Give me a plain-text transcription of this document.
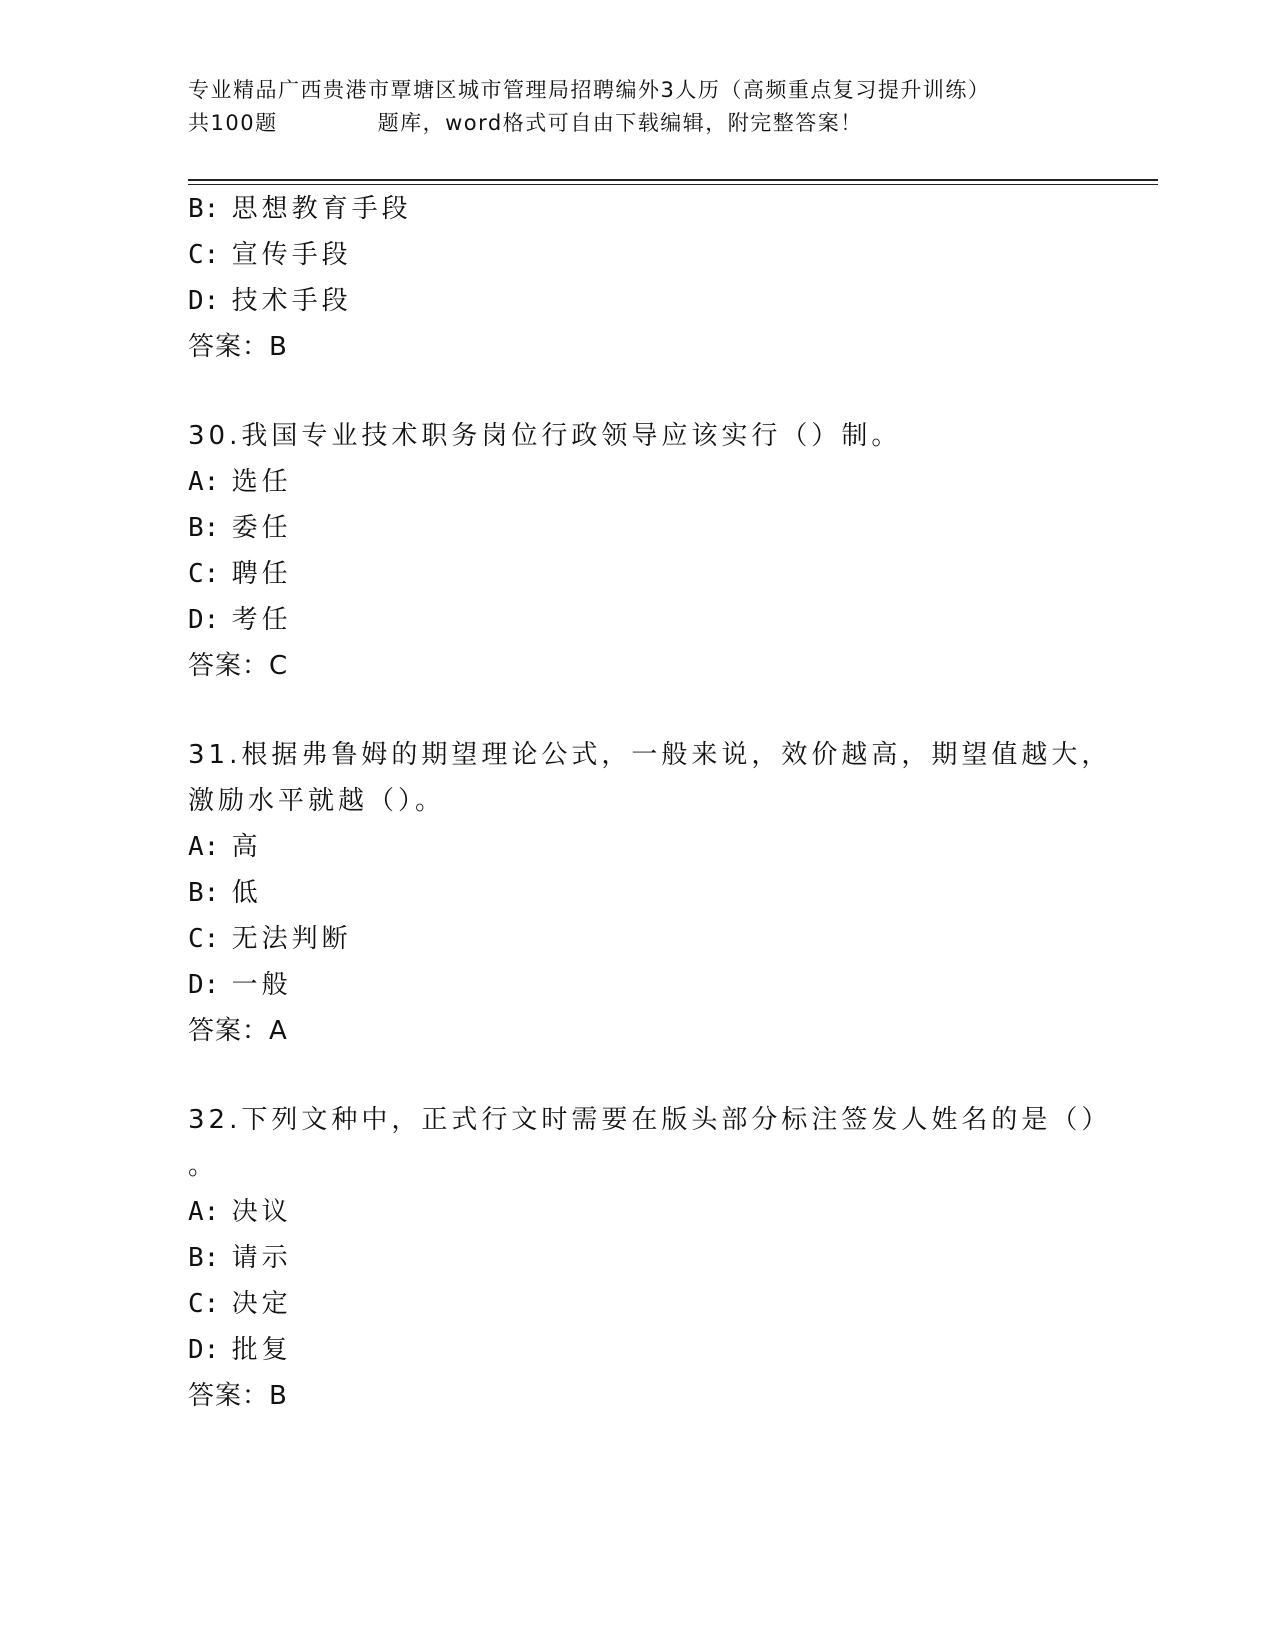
专业精品广西贵港市覃塘区城市管理局招聘编外3人历（高频重点复习提升训练）
共100题	题库，word格式可自由下载编辑，附完整答案！
B: 思想教育手段
C: 宣传手段
D: 技术手段
答案：B
30.我国专业技术职务岗位行政领导应该实行（）制。
A: 选任
B: 委任
C: 聘任
D: 考任
答案：C
31.根据弗鲁姆的期望理论公式，一般来说，效价越高，期望值越大，
激励水平就越（）。
A: 高
B: 低
C: 无法判断
D: 一般
答案：A
32.下列文种中，正式行文时需要在版头部分标注签发人姓名的是（）
。
A: 决议
B: 请示
C: 决定
D: 批复
答案：B
